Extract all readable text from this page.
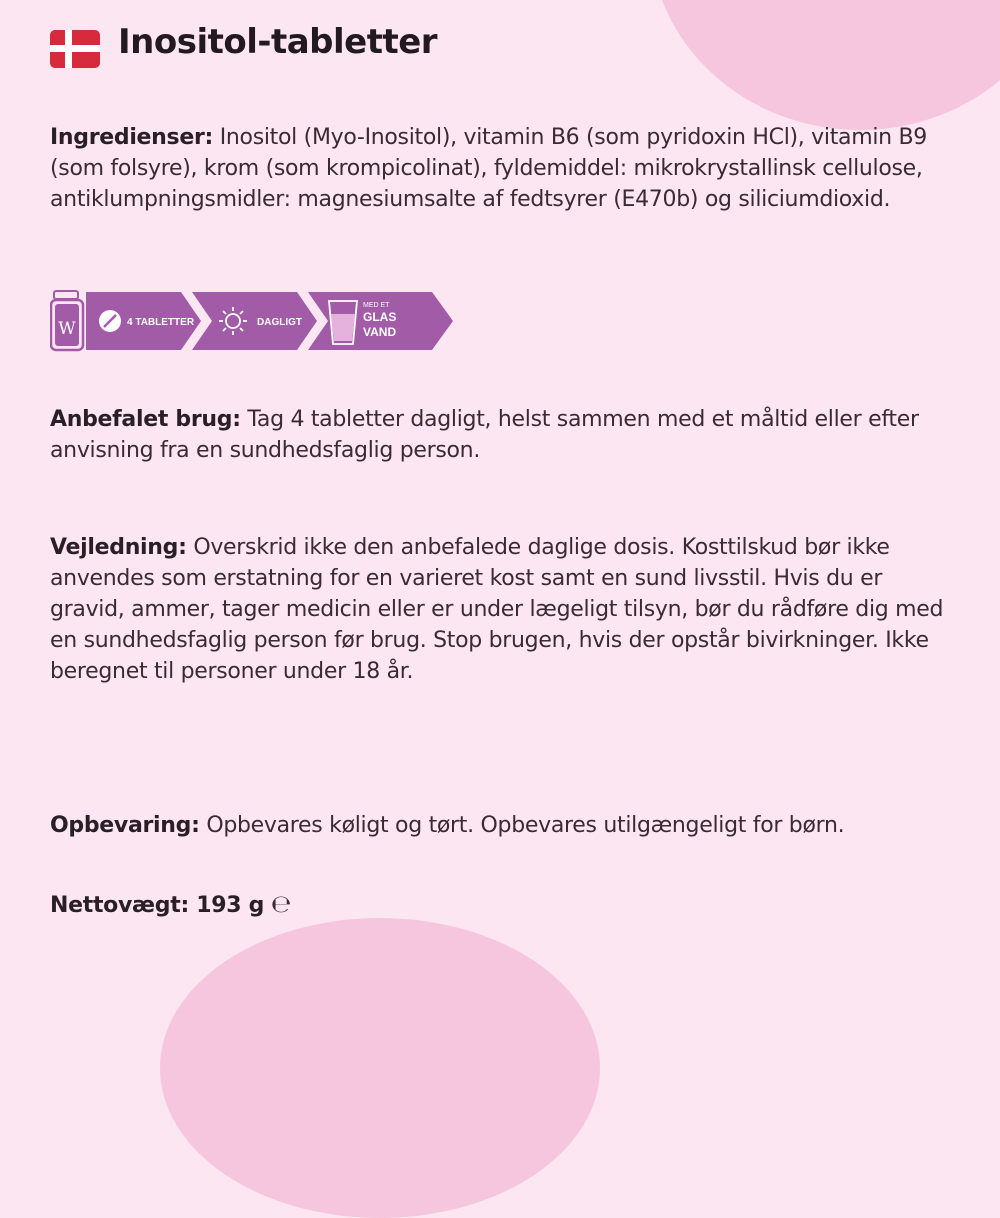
Inositol-tabletter
Ingredienser: Inositol (Myo-Inositol), vitamin B6 (som pyridoxin HCl), vitamin B9 (som folsyre), krom (som krompicolinat), fyldemiddel: mikrokrystallinsk cellulose, antiklumpningsmidler: magnesiumsalte af fedtsyrer (E470b) og siliciumdioxid.
W	4 TABLETTER	DAGLIGT
MED ET
GLAS
VAND
Anbefalet brug: Tag 4 tabletter dagligt, helst sammen med et måltid eller efter anvisning fra en sundhedsfaglig person.
Vejledning: Overskrid ikke den anbefalede daglige dosis. Kosttilskud bør ikke anvendes som erstatning for en varieret kost samt en sund livsstil. Hvis du er gravid, ammer, tager medicin eller er under lægeligt tilsyn, bør du rådføre dig med en sundhedsfaglig person før brug. Stop brugen, hvis der opstår bivirkninger. Ikke beregnet til personer under 18 år.
Opbevaring: Opbevares køligt og tørt. Opbevares utilgængeligt for børn.
Nettovægt: 193 g ℮
